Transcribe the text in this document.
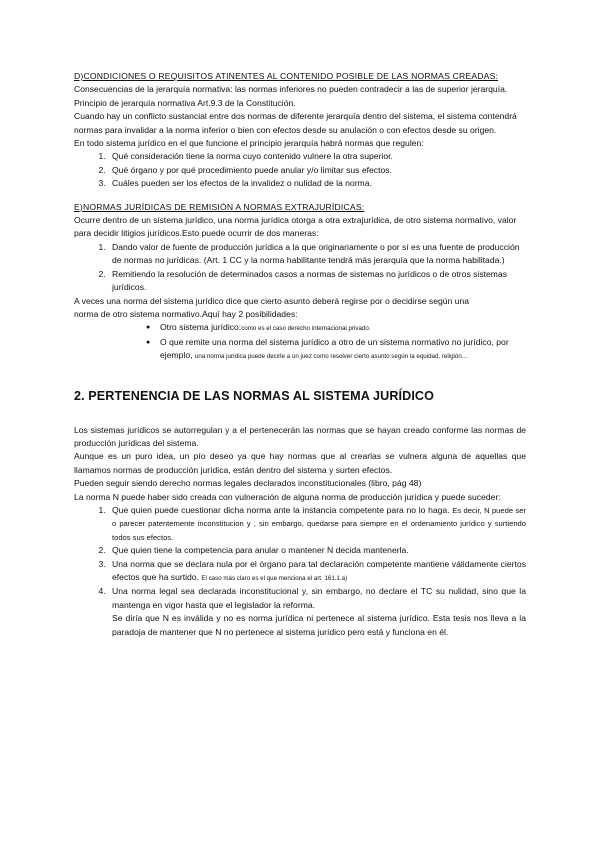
D)CONDICIONES O REQUISITOS ATINENTES AL CONTENIDO POSIBLE DE LAS NORMAS CREADAS:

Consecuencias de la jerarquía normativa: las normas inferiores no pueden contradecir a las de superior jerarquía.

Principio de jerarquía normativa Art.9.3 de la Constitución.

Cuando hay un conflicto sustancial entre dos normas de diferente jerarquía dentro del sistema, el sistema contendrá normas para invalidar a la norma inferior o bien con efectos desde su anulación o con efectos desde su origen.

En todo sistema jurídico en el que funcione el principio jerarquía habrá normas que regulen:

1. Qué consideración tiene la norma cuyo contenido vulnere la otra superior.
2. Qué órgano y por qué procedimiento puede anular y/o limitar sus efectos.
3. Cuáles pueden ser los efectos de la invalidez o nulidad de la norma.

E)NORMAS JURÍDICAS DE REMISIÓN A NORMAS EXTRAJURÍDICAS:

Ocurre dentro de un sistema jurídico, una norma jurídica otorga a otra extrajurídica, de otro sistema normativo, valor para decidir litigios jurídicos.Esto puede ocurrir de dos maneras:

1. Dando valor de fuente de producción jurídica a la que originariamente o por sí es una fuente de producción de normas no jurídicas. (Art. 1 CC y la norma habilitante tendrá más jerarquía que la norma habilitada.)
2. Remitiendo la resolución de determinados casos a normas de sistemas no jurídicos o de otros sistemas jurídicos.

A veces una norma del sistema jurídico dice que cierto asunto deberá regirse por o decidirse según una

norma de otro sistema normativo.Aquí hay 2 posibilidades:

● Otro sistema jurídico:como es el caso derecho internacional privado.
● O que remite una norma del sistema jurídico a otro de un sistema normativo no jurídico, por ejemplo, una norma jurídica puede decirle a un juez como resolver cierto asunto según la equidad, religión…
2. PERTENENCIA DE LAS NORMAS AL SISTEMA JURÍDICO

Los sistemas jurídicos se autorregulan y a el pertenecerán las normas que se hayan creado conforme las normas de producción jurídicas del sistema.

Aunque es un puro idea, un pío deseo ya que hay normas que al crearlas se vulnera alguna de aquellas que llamamos normas de producción jurídica, están dentro del sistema y surten efectos.

Pueden seguir siendo derecho normas legales declarados inconstitucionales (libro, pág 48)

La norma N puede haber sido creada con vulneración de alguna norma de producción jurídica y puede suceder:

1. Que quien puede cuestionar dicha norma ante la instancia competente para no lo haga. Es decir, N puede ser o parecer patentemente inconstitucion y , sin embargo, quedarse para siempre en el ordenamiento jurídico y surtiendo todos sus efectos.
2. Que quien tiene la competencia para anular o mantener N decida mantenerla.
3. Una norma que se declara nula por el órgano para tal declaración competente mantiene válidamente ciertos efectos que ha surtido. El caso más claro es el que menciona el art. 161.1.a)
4. Una norma legal sea declarada inconstitucional y, sin embargo, no declare el TC su nulidad, sino que la mantenga en vigor hasta que el legislador la reforma.

Se diría que N es inválida y no es norma jurídica ni pertenece al sistema jurídico. Esta tesis nos lleva a la paradoja de mantener que N no pertenece al sistema jurídico pero está y funciona en él.
